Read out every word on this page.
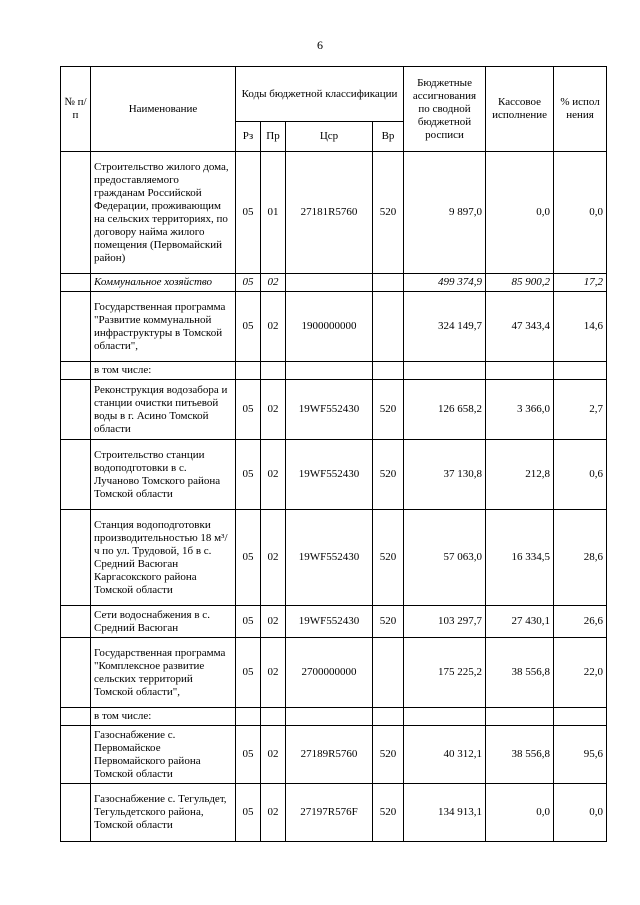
6
№ п/п	Наименование	Коды бюджетной классификации				Бюджетные ассигнования по сводной бюджетной росписи	Кассовое исполнение	% испол нения
		Рз	Пр	Цср	Вр			
	Строительство жилого дома, предоставляемого гражданам Российской Федерации, проживающим на сельских территориях, по договору найма жилого помещения (Первомайский район)	05	01	27181R5760	520	9 897,0	0,0	0,0
	Коммунальное хозяйство	05	02			499 374,9	85 900,2	17,2
	Государственная программа "Развитие коммунальной инфраструктуры в Томской области",	05	02	1900000000		324 149,7	47 343,4	14,6
	в том числе:							
	Реконструкция водозабора и станции очистки питьевой воды в г. Асино Томской области	05	02	19WF552430	520	126 658,2	3 366,0	2,7
	Строительство станции водоподготовки в с. Лучаново Томского района Томской области	05	02	19WF552430	520	37 130,8	212,8	0,6
	Станция водоподготовки производительностью 18 м³/ч по ул. Трудовой, 1б в с. Средний Васюган Каргасокского района Томской области	05	02	19WF552430	520	57 063,0	16 334,5	28,6
	Сети водоснабжения в с. Средний Васюган	05	02	19WF552430	520	103 297,7	27 430,1	26,6
	Государственная программа "Комплексное развитие сельских территорий Томской области",	05	02	2700000000		175 225,2	38 556,8	22,0
	в том числе:							
	Газоснабжение с. Первомайское Первомайского района Томской области	05	02	27189R5760	520	40 312,1	38 556,8	95,6
	Газоснабжение с. Тегульдет, Тегульдетского района, Томской области	05	02	27197R576F	520	134 913,1	0,0	0,0
